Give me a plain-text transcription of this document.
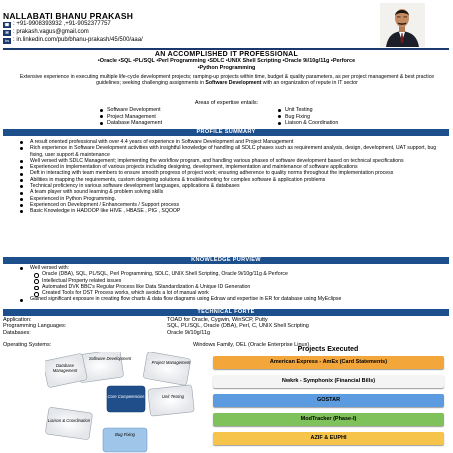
NALLABATI BHANU PRAKASH
☎ : +91-9908393932 ,+91-9052377757
✉ : prakash.vagus@gmail.com
in : in.linkedin.com/pub/bhanu-prakash/45/500/aaa/
AN ACCOMPLISHED IT PROFESSIONAL
•Oracle •SQL •PL/SQL •Perl Programming •SDLC •UNIX Shell Scripting •Oracle 9i/10g/11g •Perforce
•Python Programming
Extensive experience in executing multiple life-cycle development projects; ramping-up projects within time, budget & quality parameters, as per project management & best practice guidelines; seeking challenging assignments in Software Development with an organization of repute in IT sector
Areas of expertise entails:
Software Development
Project Management
Database Management
Unit Testing
Bug Fixing
Liaison & Coordination
PROFILE SUMMARY
A result oriented professional with over 4.4 years of experience in Software Development and Project Management
Rich experience in Software Development activities with insightful knowledge of handling all SDLC phases such as requirement analysis, design, development, UAT support, bug fixing, user support & maintenance
Well versed with SDLC Management; implementing the workflow program, and handling various phases of software development based on technical specifications
Experienced in implementation of various projects including designing, development, implementation and maintenance of software applications
Deft in interacting with team members to ensure smooth progress of project work; ensuring adherence to quality norms throughout the implementation process
Abilities in mapping the requirements, custom designing solutions & troubleshooting for complex software & application problems
Technical proficiency in various software development languages, applications & databases
A team player with sound learning & problem solving skills
Experienced in Python Programming.
Experienced on Development / Enhancements / Support process
Basic Knowledge in HADOOP like HIVE , HBASE , PIG , SQOOP
KNOWLEDGE PURVIEW
Well versed with:
Oracle (DBA), SQL, PL/SQL, Perl Programming, SDLC, UNIX Shell Scripting, Oracle 9i/10g/11g & Perforce
Intellectual Property related issues
Automated DVK BBC's Regular Process like Data Standardization & Unique ID Generation
Created Tools for DST Process works, which avoids a lot of manual work
Gained significant exposure in creating flow charts & data flow diagrams using Edraw and expertise in ER for database using MyEclipse
TECHNICAL FORTE
Application:
Programming Languages:
Databases:
TOAD for Oracle, Cygwin, WinSCP, Putty
SQL, PL/SQL, Oracle (DBA), Perl, C, UNIX Shell Scripting
Oracle 9i/10g/11g
Operating Systems:	Windows Family, OEL (Oracle Enterprise Linux)
Software Development
Project Management
Unit Testing
Bug Fixing
Liaison & Coordination
Database Management
Core Competencies
Projects Executed
American Express - AmEx (Card Statements)
Nwkrk - Symphonix (Financial Bills)
GOSTAR
ModTracker (Phase-I)
AZIF & EUPHI
